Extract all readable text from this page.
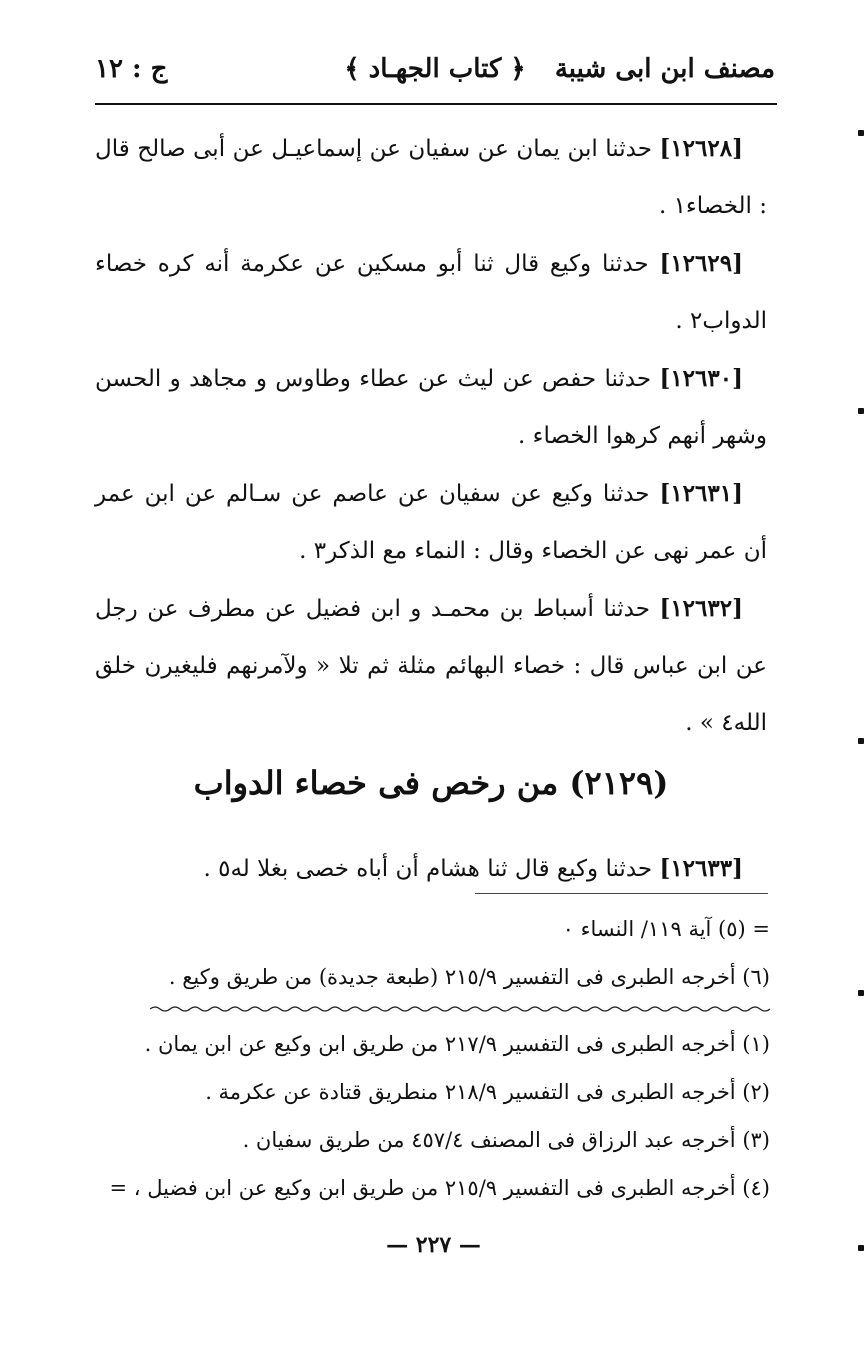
مصنف ابن ابى شيبة
﴿ كتاب الجهـاد ﴾
ج : ١٢

[١٢٦٢٨] حدثنا ابن يمان عن سفيان عن إسماعيـل عن أبى صالح قال : الخصاء١ .

[١٢٦٢٩] حدثنا وكيع قال ثنا أبو مسكين عن عكرمة أنه كره خصاء الدواب٢ .

[١٢٦٣٠] حدثنا حفص عن ليث عن عطاء وطاوس و مجاهد و الحسن وشهر أنهم كرهوا الخصاء .

[١٢٦٣١] حدثنا وكيع عن سفيان عن عاصم عن سـالم عن ابن عمر أن عمر نهى عن الخصاء وقال : النماء مع الذكر٣ .

[١٢٦٣٢] حدثنا أسباط بن محمـد و ابن فضيل عن مطرف عن رجل عن ابن عباس قال : خصاء البهائم مثلة ثم تلا « ولآمرنهم فليغيرن خلق الله٤ » .

(٢١٢٩) من رخص فى خصاء الدواب

[١٢٦٣٣] حدثنا وكيع قال ثنا هشام أن أباه خصى بغلا له٥ .

= (٥) آية ١١٩/ النساء ٠

(٦) أخرجه الطبرى فى التفسير ٢١٥/٩ (طبعة جديدة) من طريق وكيع .

(١) أخرجه الطبرى فى التفسير ٢١٧/٩ من طريق ابن وكيع عن ابن يمان .

(٢) أخرجه الطبرى فى التفسير ٢١٨/٩ منطريق قتادة عن عكرمة .

(٣) أخرجه عبد الرزاق فى المصنف ٤٥٧/٤ من طريق سفيان .

(٤) أخرجه الطبرى فى التفسير ٢١٥/٩ من طريق ابن وكيع عن ابن فضيل ، =

— ٢٢٧ —
